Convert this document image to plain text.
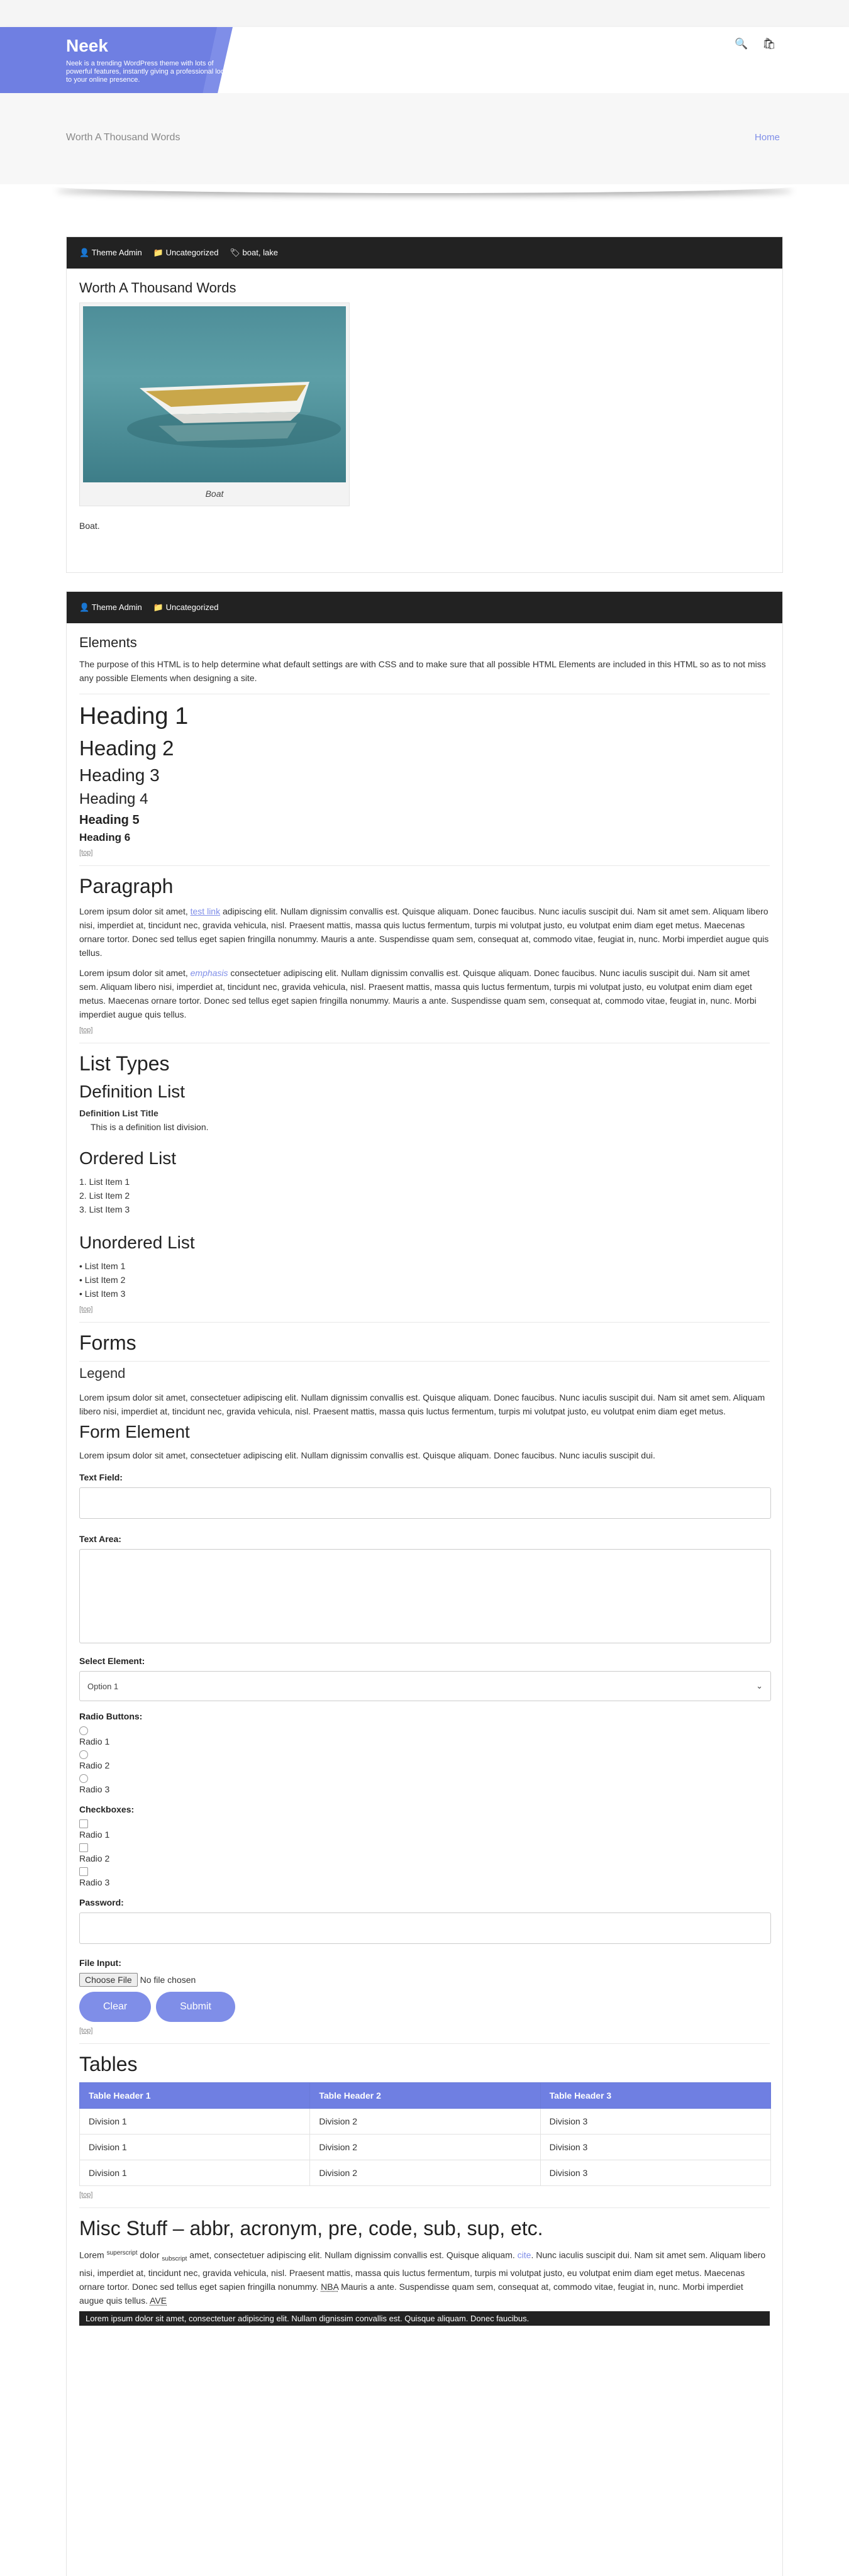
Neek
Neek is a trending WordPress theme with lots of powerful features, instantly giving a professional look to your online presence.
🔍 🛍
Worth A Thousand Words	Home
👤 Theme Admin 📁 Uncategorized 🏷 boat, lake
Worth A Thousand Words
Boat

Boat.

👤 Theme Admin 📁 Uncategorized
Elements

The purpose of this HTML is to help determine what default settings are with CSS and to make sure that all possible HTML Elements are included in this HTML so as to not miss any possible Elements when designing a site.

Heading 1
Heading 2
Heading 3
Heading 4
Heading 5
Heading 6
[top]
Paragraph

Lorem ipsum dolor sit amet, test link adipiscing elit. Nullam dignissim convallis est. Quisque aliquam. Donec faucibus. Nunc iaculis suscipit dui. Nam sit amet sem. Aliquam libero nisi, imperdiet at, tincidunt nec, gravida vehicula, nisl. Praesent mattis, massa quis luctus fermentum, turpis mi volutpat justo, eu volutpat enim diam eget metus. Maecenas ornare tortor. Donec sed tellus eget sapien fringilla nonummy. Mauris a ante. Suspendisse quam sem, consequat at, commodo vitae, feugiat in, nunc. Morbi imperdiet augue quis tellus.

Lorem ipsum dolor sit amet, emphasis consectetuer adipiscing elit. Nullam dignissim convallis est. Quisque aliquam. Donec faucibus. Nunc iaculis suscipit dui. Nam sit amet sem. Aliquam libero nisi, imperdiet at, tincidunt nec, gravida vehicula, nisl. Praesent mattis, massa quis luctus fermentum, turpis mi volutpat justo, eu volutpat enim diam eget metus. Maecenas ornare tortor. Donec sed tellus eget sapien fringilla nonummy. Mauris a ante. Suspendisse quam sem, consequat at, commodo vitae, feugiat in, nunc. Morbi imperdiet augue quis tellus.

[top]
List Types
Definition List
Definition List Title
This is a definition list division.
Ordered List
1. List Item 1
2. List Item 2
3. List Item 3
Unordered List
• List Item 1
• List Item 2
• List Item 3
[top]
Forms
Legend

Lorem ipsum dolor sit amet, consectetuer adipiscing elit. Nullam dignissim convallis est. Quisque aliquam. Donec faucibus. Nunc iaculis suscipit dui. Nam sit amet sem. Aliquam libero nisi, imperdiet at, tincidunt nec, gravida vehicula, nisl. Praesent mattis, massa quis luctus fermentum, turpis mi volutpat justo, eu volutpat enim diam eget metus.

Form Element

Lorem ipsum dolor sit amet, consectetuer adipiscing elit. Nullam dignissim convallis est. Quisque aliquam. Donec faucibus. Nunc iaculis suscipit dui.

Text Field:
Text Area:
Select Element:
Option 1	⌄
Radio Buttons:
Radio 1
Radio 2
Radio 3
Checkboxes:
Radio 1
Radio 2
Radio 3
Password:
File Input:
Choose File No file chosen
Clear	Submit
[top]
Tables
Table Header 1	Table Header 2	Table Header 3
Division 1	Division 2	Division 3
Division 1	Division 2	Division 3
Division 1	Division 2	Division 3
[top]
Misc Stuff – abbr, acronym, pre, code, sub, sup, etc.

Lorem $^{superscript}$ dolor $_{subscript}$ amet, consectetuer adipiscing elit. Nullam dignissim convallis est. Quisque aliquam. cite. Nunc iaculis suscipit dui. Nam sit amet sem. Aliquam libero nisi, imperdiet at, tincidunt nec, gravida vehicula, nisl. Praesent mattis, massa quis luctus fermentum, turpis mi volutpat justo, eu volutpat enim diam eget metus. Maecenas ornare tortor. Donec sed tellus eget sapien fringilla nonummy. NBA Mauris a ante. Suspendisse quam sem, consequat at, commodo vitae, feugiat in, nunc. Morbi imperdiet augue quis tellus. AVE

Lorem ipsum dolor sit amet, consectetuer adipiscing elit. Nullam dignissim convallis est. Quisque aliquam. Donec faucibus.
